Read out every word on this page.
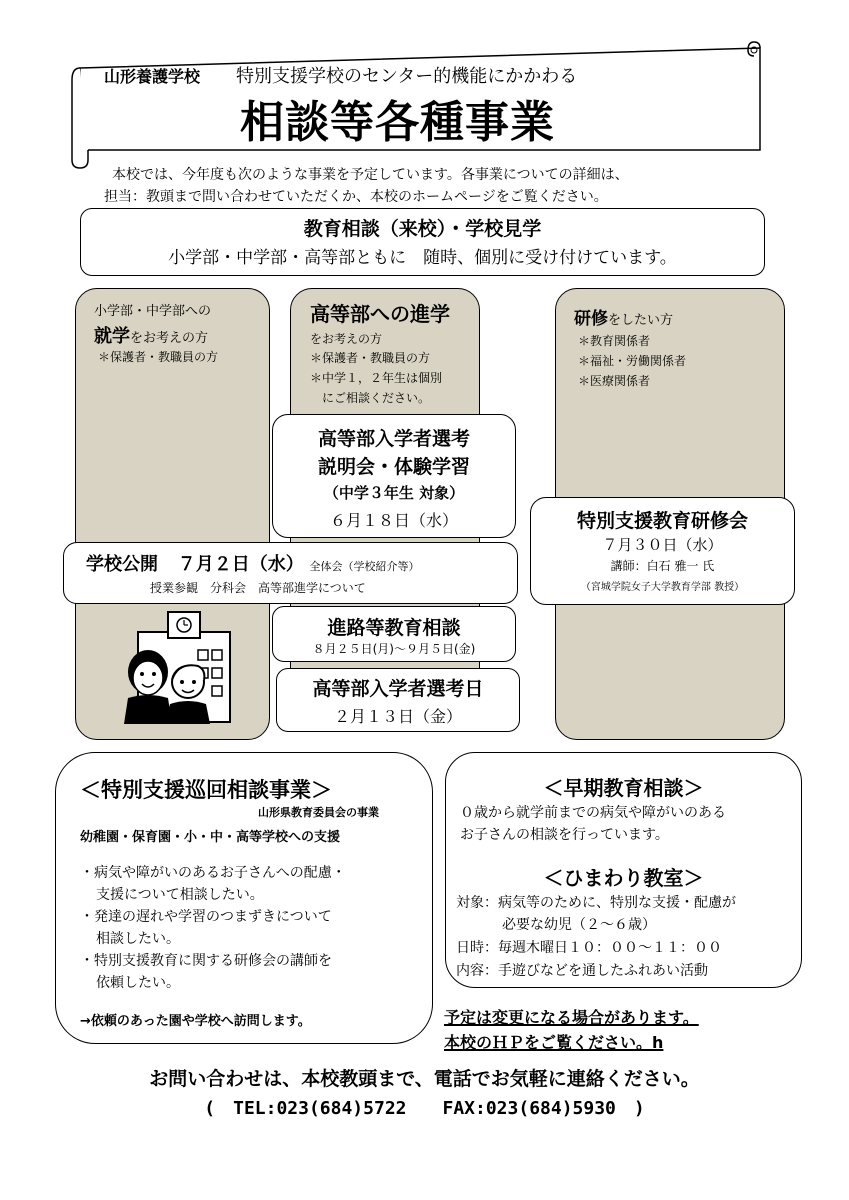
山形養護学校 特別支援学校のセンター的機能にかかわる
相談等各種事業
本校では、今年度も次のような事業を予定しています。各事業についての詳細は、
担当：教頭まで問い合わせていただくか、本校のホームページをご覧ください。
教育相談（来校）・学校見学
小学部・中学部・高等部ともに　随時、個別に受け付けています。
小学部・中学部への
就学をお考えの方
＊保護者・教職員の方
高等部への進学
をお考えの方
＊保護者・教職員の方
＊中学１，２年生は個別
にご相談ください。
研修をしたい方
＊教育関係者
＊福祉・労働関係者
＊医療関係者
高等部入学者選考
説明会・体験学習
（中学３年生 対象）
６月１８日（水）	特別支援教育研修会
７月３０日（水）
講師：白石 雅一 氏
（宮城学院女子大学教育学部 教授）
学校公開 ７月２日（水） 全体会（学校紹介等）
授業参観　分科会　高等部進学について
進路等教育相談
８月２５日(月)～９月５日(金)
高等部入学者選考日
２月１３日（金）
＜特別支援巡回相談事業＞
山形県教育委員会の事業
幼稚園・保育園・小・中・高等学校への支援
・病気や障がいのあるお子さんへの配慮・
支援について相談したい。
・発達の遅れや学習のつまずきについて
相談したい。
・特別支援教育に関する研修会の講師を
依頼したい。
→依頼のあった園や学校へ訪問します。
＜早期教育相談＞
０歳から就学前までの病気や障がいのある
お子さんの相談を行っています。
＜ひまわり教室＞
対象：病気等のために、特別な支援・配慮が
必要な幼児（２～６歳）
日時：毎週木曜日１０：００～１１：００
内容：手遊びなどを通したふれあい活動
予定は変更になる場合があります。
本校のＨＰをご覧ください。h
お問い合わせは、本校教頭まで、電話でお気軽に連絡ください。
(　TEL:023(684)5722　　FAX:023(684)5930　)
